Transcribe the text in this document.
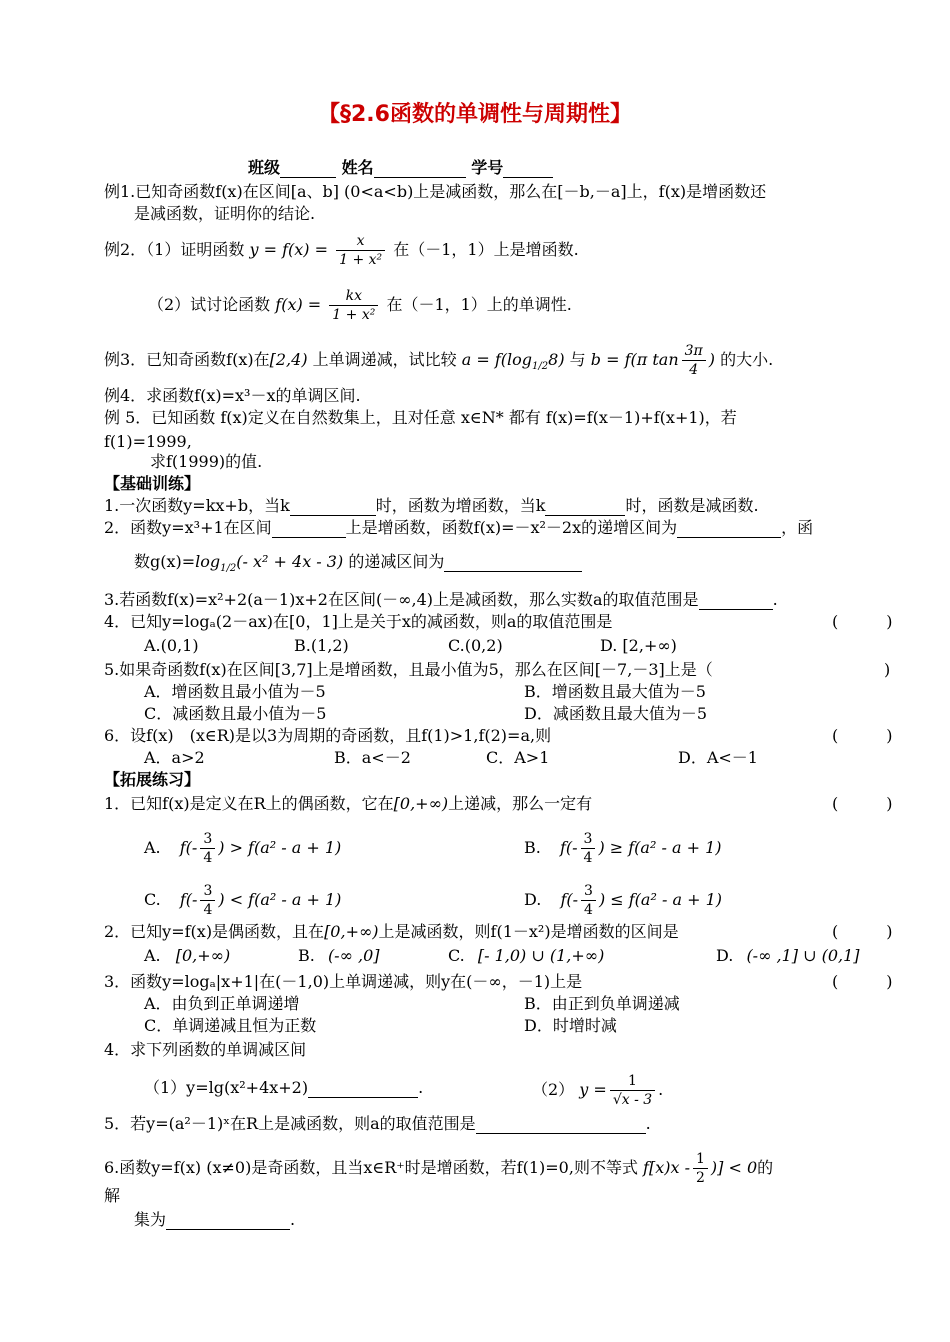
【§2.6函数的单调性与周期性】
班级	姓名	学号
例1.已知奇函数f(x)在区间[a、b] (0<a<b)上是减函数，那么在[－b,－a]上，f(x)是增函数还
是减函数，证明你的结论.
例2．（1）证明函数 $y = f(x) = \frac{x}{\text{1 + x²}}$ 在（－1，1）上是增函数.
（2）试讨论函数 $f(x) = \frac{kx}{\text{1 + x²}}$ 在（－1，1）上的单调性.
例3．已知奇函数f(x)在[2,4) 上单调递减，试比较 $a = f(\log_{1/2}8)$ 与 b = f(π $\tan \frac{3\pi}{4}$ ) 的大小.
例4．求函数f(x)=x³－x的单调区间.
例 5．已知函数 f(x)定义在自然数集上，且对任意 x∈N* 都有 f(x)=f(x－1)+f(x+1)，若
f(1)=1999,
求f(1999)的值.
【基础训练】
1.一次函数y=kx+b，当k	时，函数为增函数，当k	时，函数是减函数.
2．函数y=x³+1在区间	上是增函数，函数f(x)=－x²－2x的递增区间为	，函
数$g(x)=\log_{1/2}(-$ x² + 4x - 3) 的递减区间为
3.若函数f(x)=x²+2(a－1)x+2在区间(－∞,4)上是减函数，那么实数a的取值范围是	.
4．已知y=logₐ(2－ax)在[0，1]上是关于x的减函数，则a的取值范围是	(　　　)
A.(0,1)	B.(1,2)	C.(0,2)	D. [2,+∞)
5.如果奇函数f(x)在区间[3,7]上是增函数，且最小值为5，那么在区间[－7,－3]上是（	)
A．增函数且最小值为－5	B．增函数且最大值为－5
C．减函数且最小值为－5	D．减函数且最大值为－5
6．设f(x)　(x∈R)是以3为周期的奇函数，且f(1)>1,f(2)=a,则	(　　　)
A．a>2	B．a<－2	C．A>1	D．A<－1
【拓展练习】
1．已知f(x)是定义在R上的偶函数，它在[0,+∞)上递减，那么一定有	(　　　)
A. $f(- \frac{3}{4}$ ) > f(a² - a + 1)	B. $f(- \frac{3}{4}$ ) ≥ f(a² - a + 1)
C. $f(- \frac{3}{4}$ ) < f(a² - a + 1)	D. $f(- \frac{3}{4}$ ) ≤ f(a² - a + 1)
2．已知y=f(x)是偶函数，且在[0,+∞)上是减函数，则f(1－x²)是增函数的区间是	(　　　)
A. [0,+∞)	B. (-∞ ,0]	C. [- 1,0) ∪ (1,+∞)	D. (-∞ ,1] ∪ (0,1]
3．函数y=logₐ|x+1|在(－1,0)上单调递减，则y在(－∞，－1)上是	(　　　)
A．由负到正单调递增	B．由正到负单调递减
C．单调递减且恒为正数	D．时增时减
4．求下列函数的单调减区间
（1）y=lg(x²+4x+2)	.	（2） $y = \frac{1}{√x - 3}$ .
5．若y=(a²－1)ˣ在R上是减函数，则a的取值范围是	.
6.函数y=f(x) (x≠0)是奇函数，且当x∈R⁺时是增函数，若f(1)=0,则不等式 $f[x)x - \frac{1}{2}$ )] < 0的
解
集为	.
